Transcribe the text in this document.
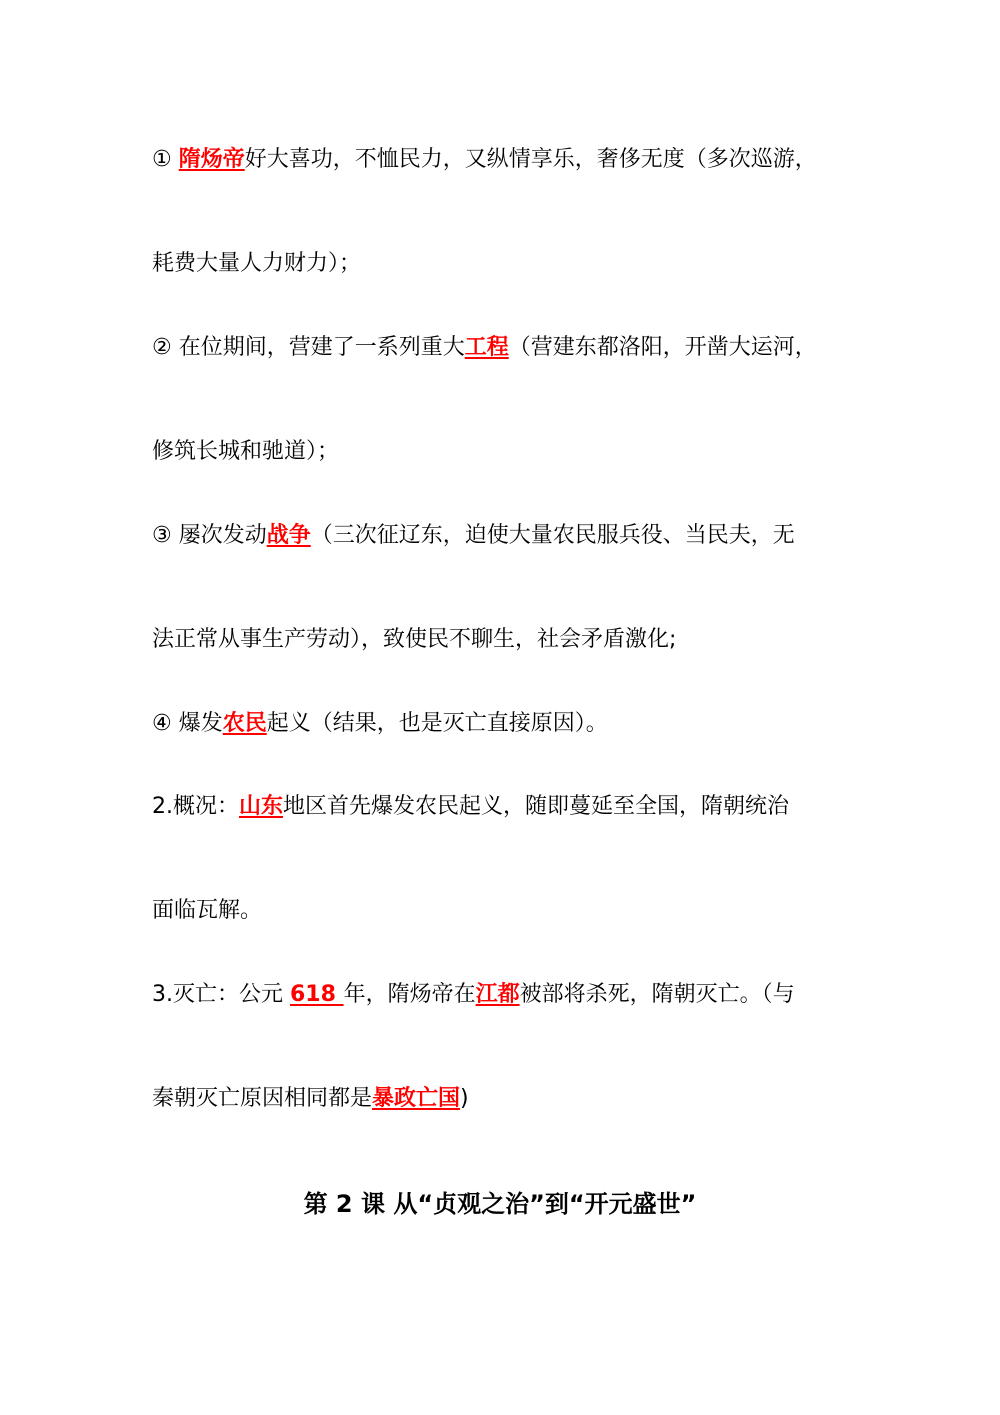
① 隋炀帝好大喜功，不恤民力，又纵情享乐，奢侈无度（多次巡游，
耗费大量人力财力）；
② 在位期间，营建了一系列重大工程（营建东都洛阳，开凿大运河，
修筑长城和驰道）；
③ 屡次发动战争（三次征辽东，迫使大量农民服兵役、当民夫，无
法正常从事生产劳动），致使民不聊生，社会矛盾激化;
④ 爆发农民起义（结果，也是灭亡直接原因）。
2.概况：山东地区首先爆发农民起义，随即蔓延至全国，隋朝统治
面临瓦解。
3.灭亡：公元 618 年，隋炀帝在江都被部将杀死，隋朝灭亡。（与
秦朝灭亡原因相同都是暴政亡国)
第 2 课 从“贞观之治”到“开元盛世”
